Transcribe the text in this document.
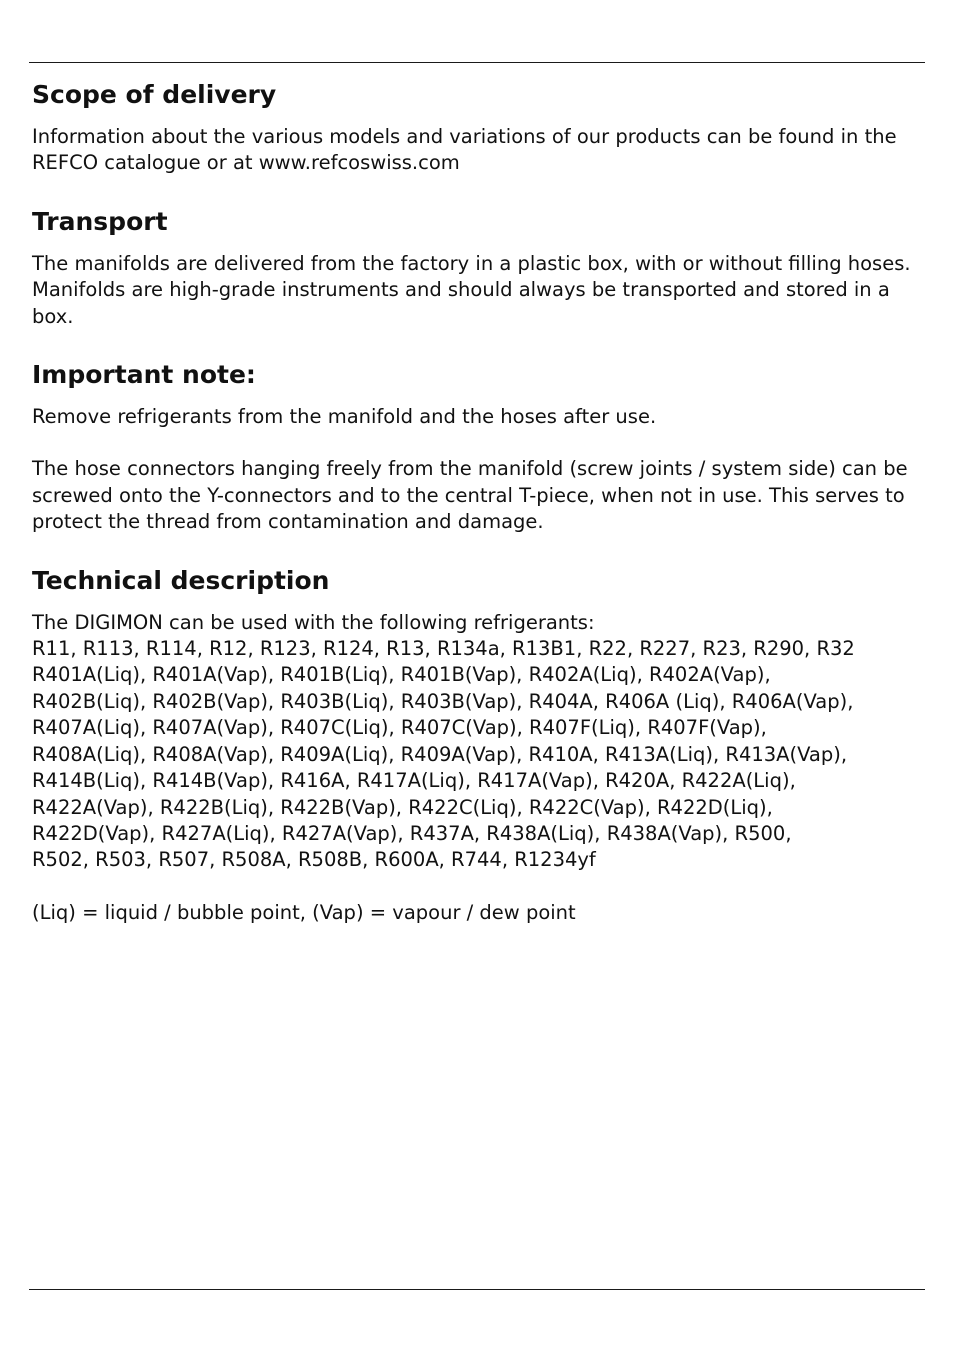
Scope of delivery

Information about the various models and variations of our products can be found in the REFCO catalogue or at www.refcoswiss.com

Transport

The manifolds are delivered from the factory in a plastic box, with or without filling hoses. Manifolds are high-grade instruments and should always be transported and stored in a box.

Important note:

Remove refrigerants from the manifold and the hoses after use.

The hose connectors hanging freely from the manifold (screw joints / system side) can be screwed onto the Y-connectors and to the central T-piece, when not in use. This serves to protect the thread from contamination and damage.

Technical description

The DIGIMON can be used with the following refrigerants:
R11, R113, R114, R12, R123, R124, R13, R134a, R13B1, R22, R227, R23, R290, R32
R401A(Liq), R401A(Vap), R401B(Liq), R401B(Vap), R402A(Liq), R402A(Vap),
R402B(Liq), R402B(Vap), R403B(Liq), R403B(Vap), R404A, R406A (Liq), R406A(Vap),
R407A(Liq), R407A(Vap), R407C(Liq), R407C(Vap), R407F(Liq), R407F(Vap),
R408A(Liq), R408A(Vap), R409A(Liq), R409A(Vap), R410A, R413A(Liq), R413A(Vap),
R414B(Liq), R414B(Vap), R416A, R417A(Liq), R417A(Vap), R420A, R422A(Liq),
R422A(Vap), R422B(Liq), R422B(Vap), R422C(Liq), R422C(Vap), R422D(Liq),
R422D(Vap), R427A(Liq), R427A(Vap), R437A, R438A(Liq), R438A(Vap), R500,
R502, R503, R507, R508A, R508B, R600A, R744, R1234yf

(Liq) = liquid / bubble point, (Vap) = vapour / dew point
